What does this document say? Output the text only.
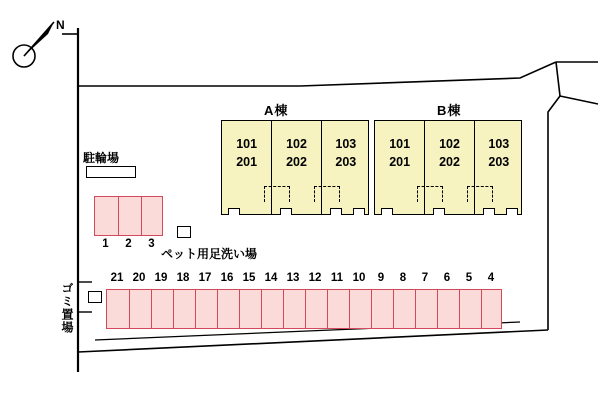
N
A棟
101
201
102
202
103
203
B棟
101
201
102
202
103
203
駐輪場
1	2	3
ペット用足洗い場
ゴミ置場
21 20 19 18 17 16 15 14 13 12 11 10	9	8	7	6	5	4
